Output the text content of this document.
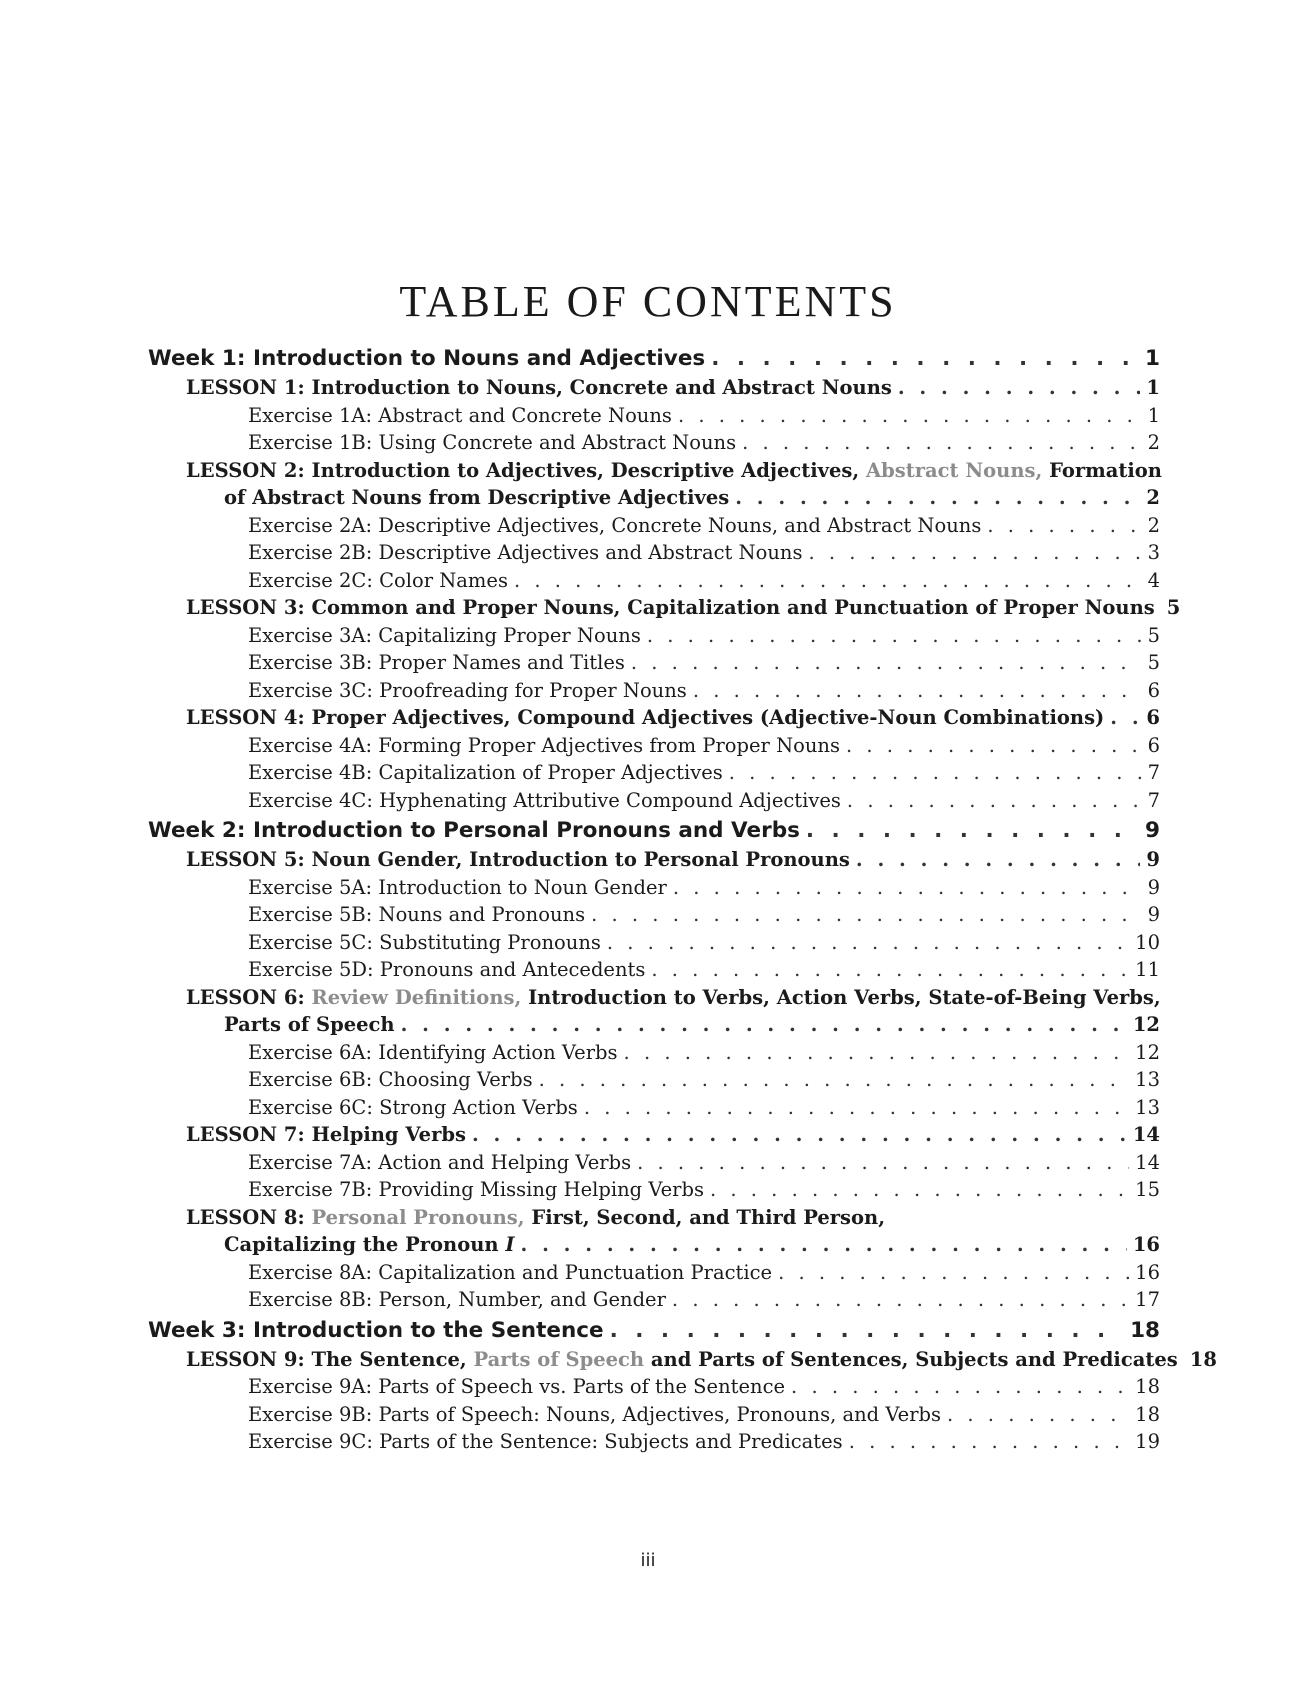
TABLE OF CONTENTS
Week 1: Introduction to Nouns and Adjectives . . .	1
LESSON 1: Introduction to Nouns, Concrete and Abstract Nouns . . .	1
Exercise 1A: Abstract and Concrete Nouns . . .	1
Exercise 1B: Using Concrete and Abstract Nouns . . .	2
LESSON 2: Introduction to Adjectives, Descriptive Adjectives, Abstract Nouns, Formation
of Abstract Nouns from Descriptive Adjectives . . .	2
Exercise 2A: Descriptive Adjectives, Concrete Nouns, and Abstract Nouns . . .	2
Exercise 2B: Descriptive Adjectives and Abstract Nouns . . .	3
Exercise 2C: Color Names . . .	4
LESSON 3: Common and Proper Nouns, Capitalization and Punctuation of Proper Nouns 5
Exercise 3A: Capitalizing Proper Nouns . . .	5
Exercise 3B: Proper Names and Titles . . .	5
Exercise 3C: Proofreading for Proper Nouns . . .	6
LESSON 4: Proper Adjectives, Compound Adjectives (Adjective-Noun Combinations) . . . 6
Exercise 4A: Forming Proper Adjectives from Proper Nouns . . .	6
Exercise 4B: Capitalization of Proper Adjectives . . .	7
Exercise 4C: Hyphenating Attributive Compound Adjectives . . .	7
Week 2: Introduction to Personal Pronouns and Verbs . . .	9
LESSON 5: Noun Gender, Introduction to Personal Pronouns . . .	9
Exercise 5A: Introduction to Noun Gender . . .	9
Exercise 5B: Nouns and Pronouns . . .	9
Exercise 5C: Substituting Pronouns . . .	10
Exercise 5D: Pronouns and Antecedents . . .	11
LESSON 6: Review Definitions, Introduction to Verbs, Action Verbs, State-of-Being Verbs,
Parts of Speech . . .	12
Exercise 6A: Identifying Action Verbs . . .	12
Exercise 6B: Choosing Verbs . . .	13
Exercise 6C: Strong Action Verbs . . .	13
LESSON 7: Helping Verbs . . .	14
Exercise 7A: Action and Helping Verbs . . .	14
Exercise 7B: Providing Missing Helping Verbs . . .	15
LESSON 8: Personal Pronouns, First, Second, and Third Person,
Capitalizing the Pronoun I . . .	16
Exercise 8A: Capitalization and Punctuation Practice . . .	16
Exercise 8B: Person, Number, and Gender . . .	17
Week 3: Introduction to the Sentence . . .	18
LESSON 9: The Sentence, Parts of Speech and Parts of Sentences, Subjects and Predicates 18
Exercise 9A: Parts of Speech vs. Parts of the Sentence . . .	18
Exercise 9B: Parts of Speech: Nouns, Adjectives, Pronouns, and Verbs . . .	18
Exercise 9C: Parts of the Sentence: Subjects and Predicates . . .	19
iii
